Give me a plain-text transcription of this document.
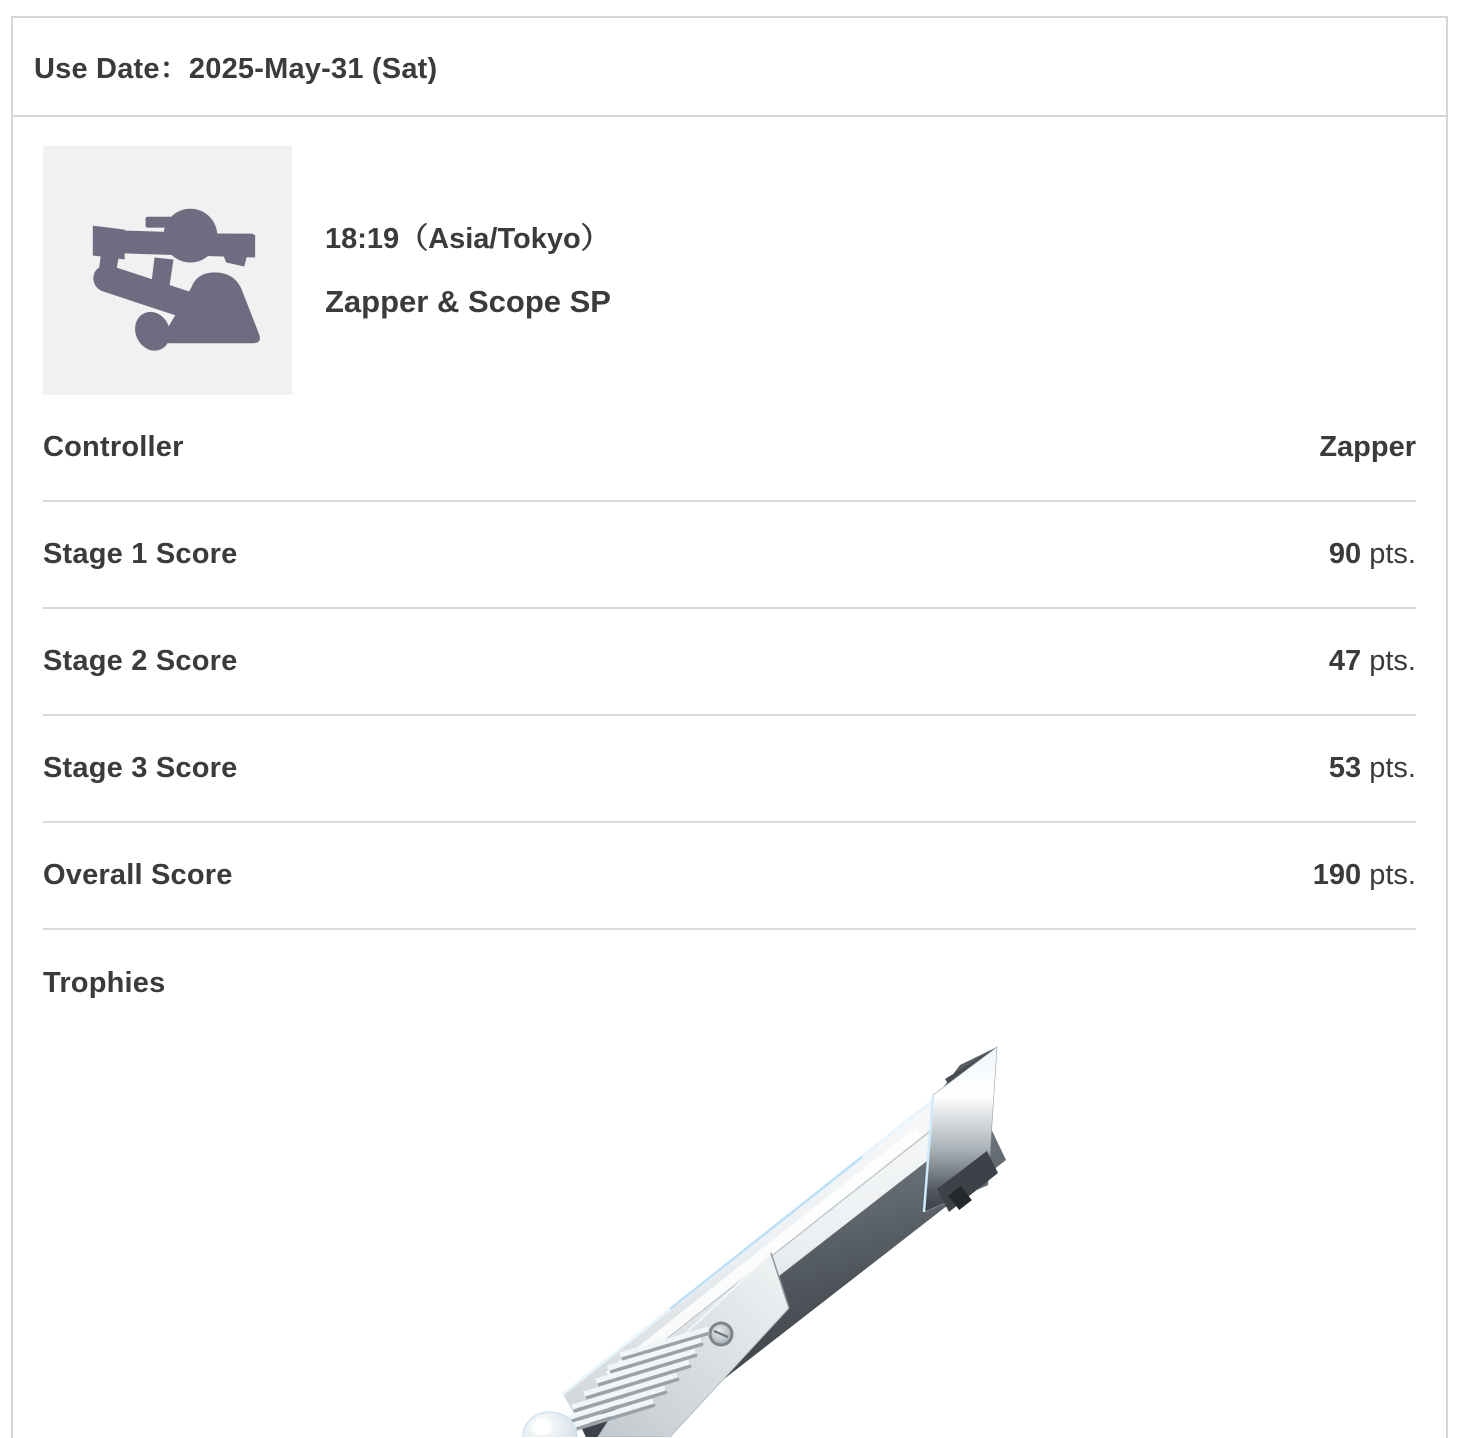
Use Date：2025-May-31 (Sat)
18:19（Asia/Tokyo）
Zapper & Scope SP
Controller	Zapper
Stage 1 Score	90 pts.
Stage 2 Score	47 pts.
Stage 3 Score	53 pts.
Overall Score	190 pts.
Trophies
